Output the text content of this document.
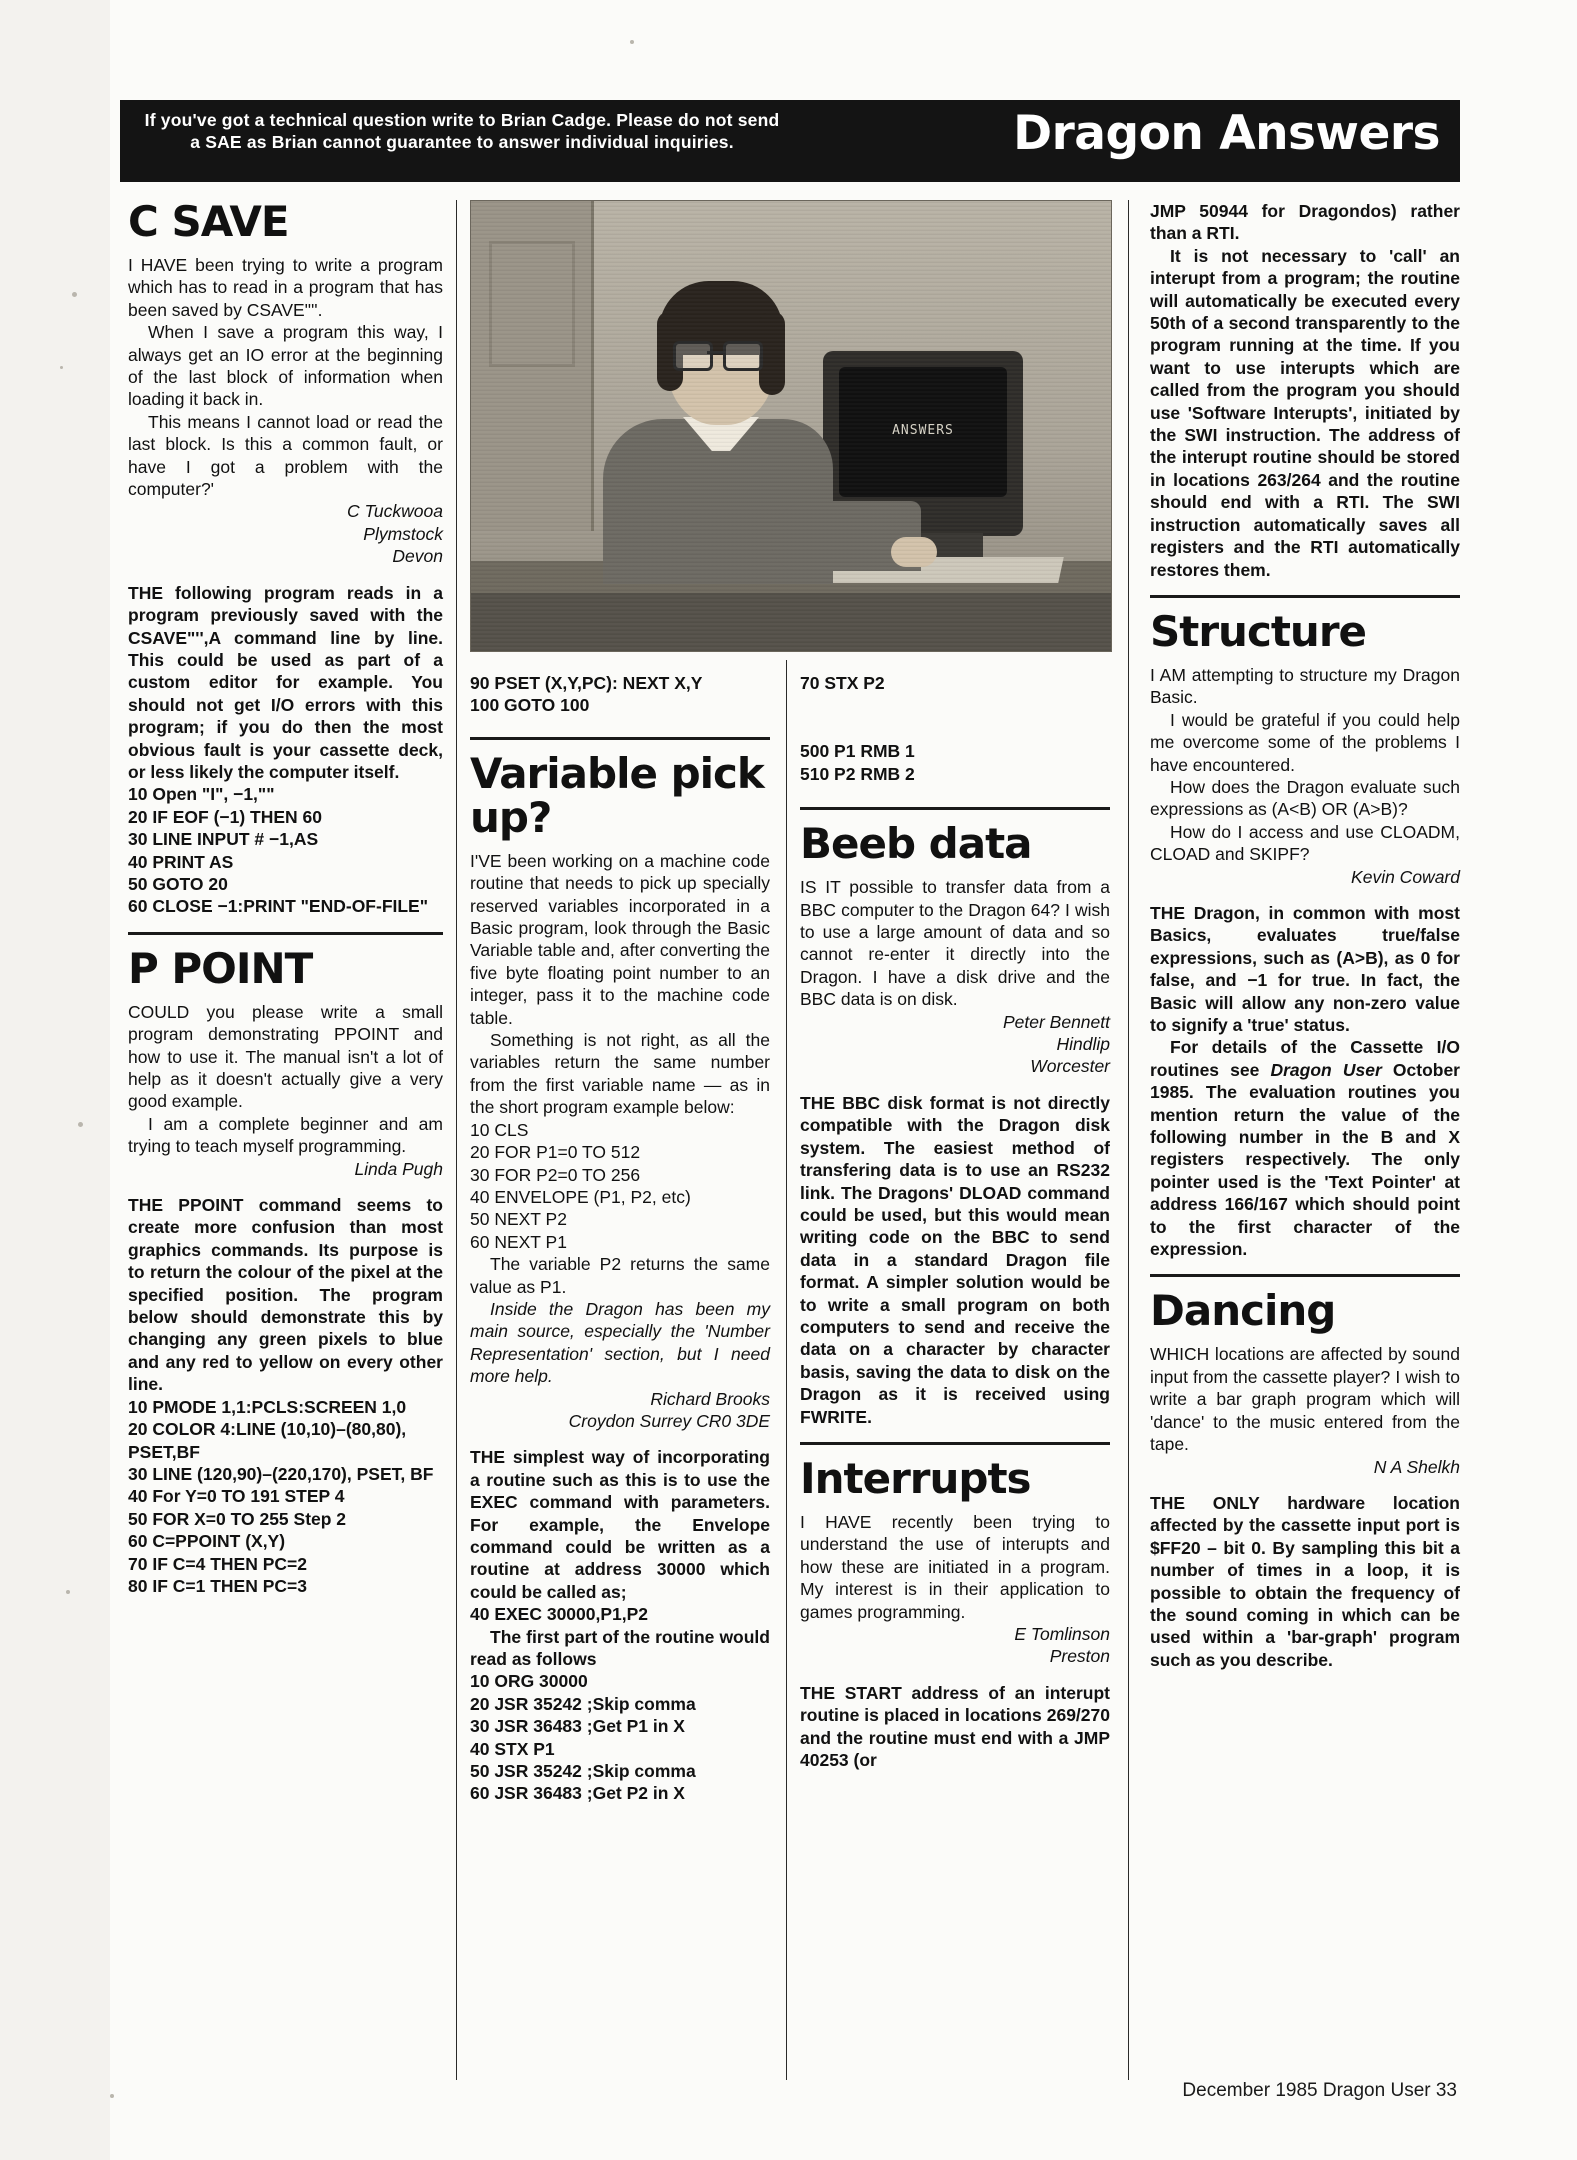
If you've got a technical question write to Brian Cadge. Please do not send a SAE as Brian cannot guarantee to answer individual inquiries.	Dragon Answers
ANSWERS
C SAVE

I HAVE been trying to write a program which has to read in a program that has been saved by CSAVE"''.

When I save a program this way, I always get an IO error at the beginning of the last block of information when loading it back in.

This means I cannot load or read the last block. Is this a common fault, or have I got a problem with the computer?'

C Tuckwooa
Plymstock
Devon

THE following program reads in a program previously saved with the CSAVE"'',A command line by line. This could be used as part of a custom editor for example. You should not get I/O errors with this program; if you do then the most obvious fault is your cassette deck, or less likely the computer itself.

10 Open "I", −1,""
20 IF EOF (−1) THEN 60
30 LINE INPUT # −1,AS
40 PRINT AS
50 GOTO 20
60 CLOSE −1:PRINT "END-OF-FILE"
P POINT

COULD you please write a small program demonstrating PPOINT and how to use it. The manual isn't a lot of help as it doesn't actually give a very good example.

I am a complete beginner and am trying to teach myself programming.

Linda Pugh

THE PPOINT command seems to create more confusion than most graphics commands. Its purpose is to return the colour of the pixel at the specified position. The program below should demonstrate this by changing any green pixels to blue and any red to yellow on every other line.

10 PMODE 1,1:PCLS:SCREEN 1,0
20 COLOR 4:LINE (10,10)–(80,80), PSET,BF
30 LINE (120,90)–(220,170), PSET, BF
40 For Y=0 TO 191 STEP 4
50 FOR X=0 TO 255 Step 2
60 C=PPOINT (X,Y)
70 IF C=4 THEN PC=2
80 IF C=1 THEN PC=3
90 PSET (X,Y,PC): NEXT X,Y
100 GOTO 100
Variable pick up?

I'VE been working on a machine code routine that needs to pick up specially reserved variables incorporated in a Basic program, look through the Basic Variable table and, after converting the five byte floating point number to an integer, pass it to the machine code table.

Something is not right, as all the variables return the same number from the first variable name — as in the short program example below:

10 CLS
20 FOR P1=0 TO 512
30 FOR P2=0 TO 256
40 ENVELOPE (P1, P2, etc)
50 NEXT P2
60 NEXT P1

The variable P2 returns the same value as P1.

Inside the Dragon has been my main source, especially the 'Number Representation' section, but I need more help.

Richard Brooks
Croydon Surrey CR0 3DE

THE simplest way of incorporating a routine such as this is to use the EXEC command with parameters. For example, the Envelope command could be written as a routine at address 30000 which could be called as;

40 EXEC 30000,P1,P2

The first part of the routine would read as follows

10 ORG 30000
20 JSR 35242 ;Skip comma
30 JSR 36483 ;Get P1 in X
40 STX P1
50 JSR 35242 ;Skip comma
60 JSR 36483 ;Get P2 in X
70 STX P2
500 P1 RMB 1
510 P2 RMB 2
Beeb data

IS IT possible to transfer data from a BBC computer to the Dragon 64? I wish to use a large amount of data and so cannot re-enter it directly into the Dragon. I have a disk drive and the BBC data is on disk.

Peter Bennett
Hindlip
Worcester

THE BBC disk format is not directly compatible with the Dragon disk system. The easiest method of transfering data is to use an RS232 link. The Dragons' DLOAD command could be used, but this would mean writing code on the BBC to send data in a standard Dragon file format. A simpler solution would be to write a small program on both computers to send and receive the data on a character by character basis, saving the data to disk on the Dragon as it is received using FWRITE.

Interrupts

I HAVE recently been trying to understand the use of interupts and how these are initiated in a program. My interest is in their application to games programming.

E Tomlinson
Preston

THE START address of an interupt routine is placed in locations 269/270 and the routine must end with a JMP 40253 (or

JMP 50944 for Dragondos) rather than a RTI.

It is not necessary to 'call' an interupt from a program; the routine will automatically be executed every 50th of a second transparently to the program running at the time. If you want to use interupts which are called from the program you should use 'Software Interupts', initiated by the SWI instruction. The address of the interupt routine should be stored in locations 263/264 and the routine should end with a RTI. The SWI instruction automatically saves all registers and the RTI automatically restores them.

Structure

I AM attempting to structure my Dragon Basic.

I would be grateful if you could help me overcome some of the problems I have encountered.

How does the Dragon evaluate such expressions as (A<B) OR (A>B)?

How do I access and use CLOADM, CLOAD and SKIPF?

Kevin Coward

THE Dragon, in common with most Basics, evaluates true/false expressions, such as (A>B), as 0 for false, and −1 for true. In fact, the Basic will allow any non-zero value to signify a 'true' status.

For details of the Cassette I/O routines see Dragon User October 1985. The evaluation routines you mention return the value of the following number in the B and X registers respectively. The only pointer used is the 'Text Pointer' at address 166/167 which should point to the first character of the expression.

Dancing

WHICH locations are affected by sound input from the cassette player? I wish to write a bar graph program which will 'dance' to the music entered from the tape.

N A Shelkh

THE ONLY hardware location affected by the cassette input port is $FF20 – bit 0. By sampling this bit a number of times in a loop, it is possible to obtain the frequency of the sound coming in which can be used within a 'bar-graph' program such as you describe.

December 1985 Dragon User 33
